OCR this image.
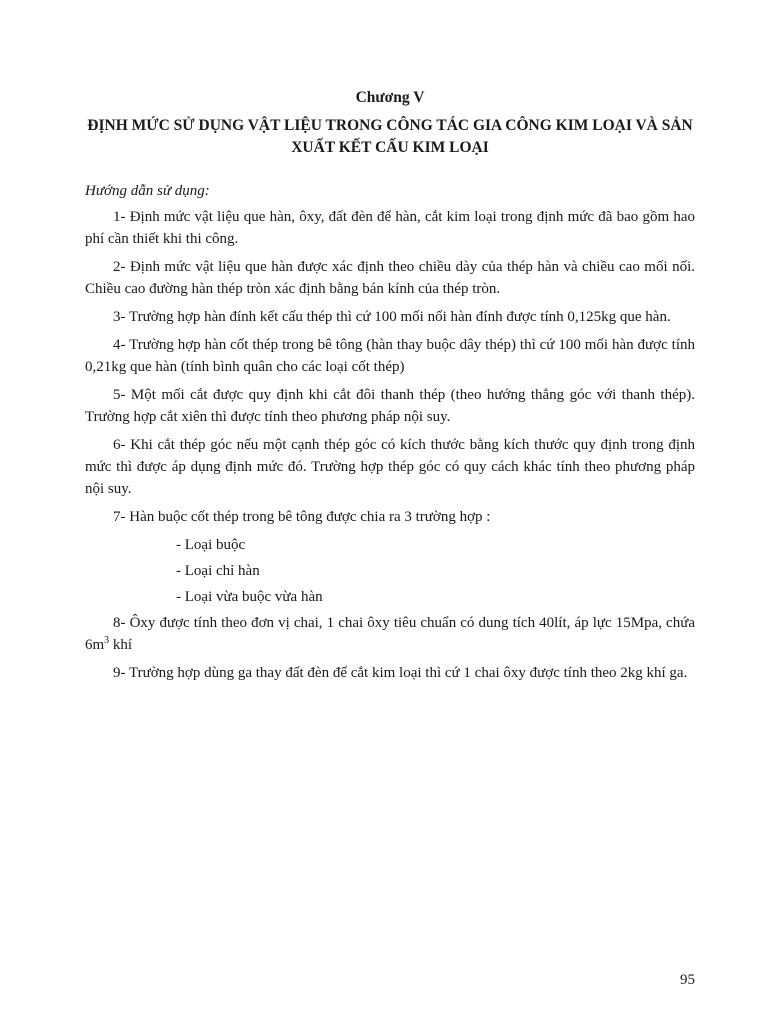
Chương V
ĐỊNH MỨC SỬ DỤNG VẬT LIỆU TRONG CÔNG TÁC GIA CÔNG KIM LOẠI VÀ SẢN XUẤT KẾT CẤU KIM LOẠI
Hướng dẫn sử dụng:

1- Định mức vật liệu que hàn, ôxy, đất đèn để hàn, cắt kim loại trong định mức đã bao gồm hao phí cần thiết khi thi công.

2- Định mức vật liệu que hàn được xác định theo chiều dày của thép hàn và chiều cao mối nối. Chiều cao đường hàn thép tròn xác định bằng bán kính của thép tròn.

3- Trường hợp hàn đính kết cấu thép thì cứ 100 mối nối hàn đính được tính 0,125kg que hàn.

4- Trường hợp hàn cốt thép trong bê tông (hàn thay buộc dây thép) thì cứ 100 mối hàn được tính 0,21kg que hàn (tính bình quân cho các loại cốt thép)

5- Một mối cắt được quy định khi cắt đôi thanh thép (theo hướng thẳng góc với thanh thép). Trường hợp cắt xiên thì được tính theo phương pháp nội suy.

6- Khi cắt thép góc nếu một cạnh thép góc có kích thước bằng kích thước quy định trong định mức thì được áp dụng định mức đó. Trường hợp thép góc có quy cách khác tính theo phương pháp nội suy.

7- Hàn buộc cốt thép trong bê tông được chia ra 3 trường hợp :

- Loại buộc
- Loại chỉ hàn
- Loại vừa buộc vừa hàn

8- Ôxy được tính theo đơn vị chai, 1 chai ôxy tiêu chuẩn có dung tích 40lít, áp lực 15Mpa, chứa $6m^3$ khí

9- Trường hợp dùng ga thay đất đèn để cắt kim loại thì cứ 1 chai ôxy được tính theo 2kg khí ga.

95
